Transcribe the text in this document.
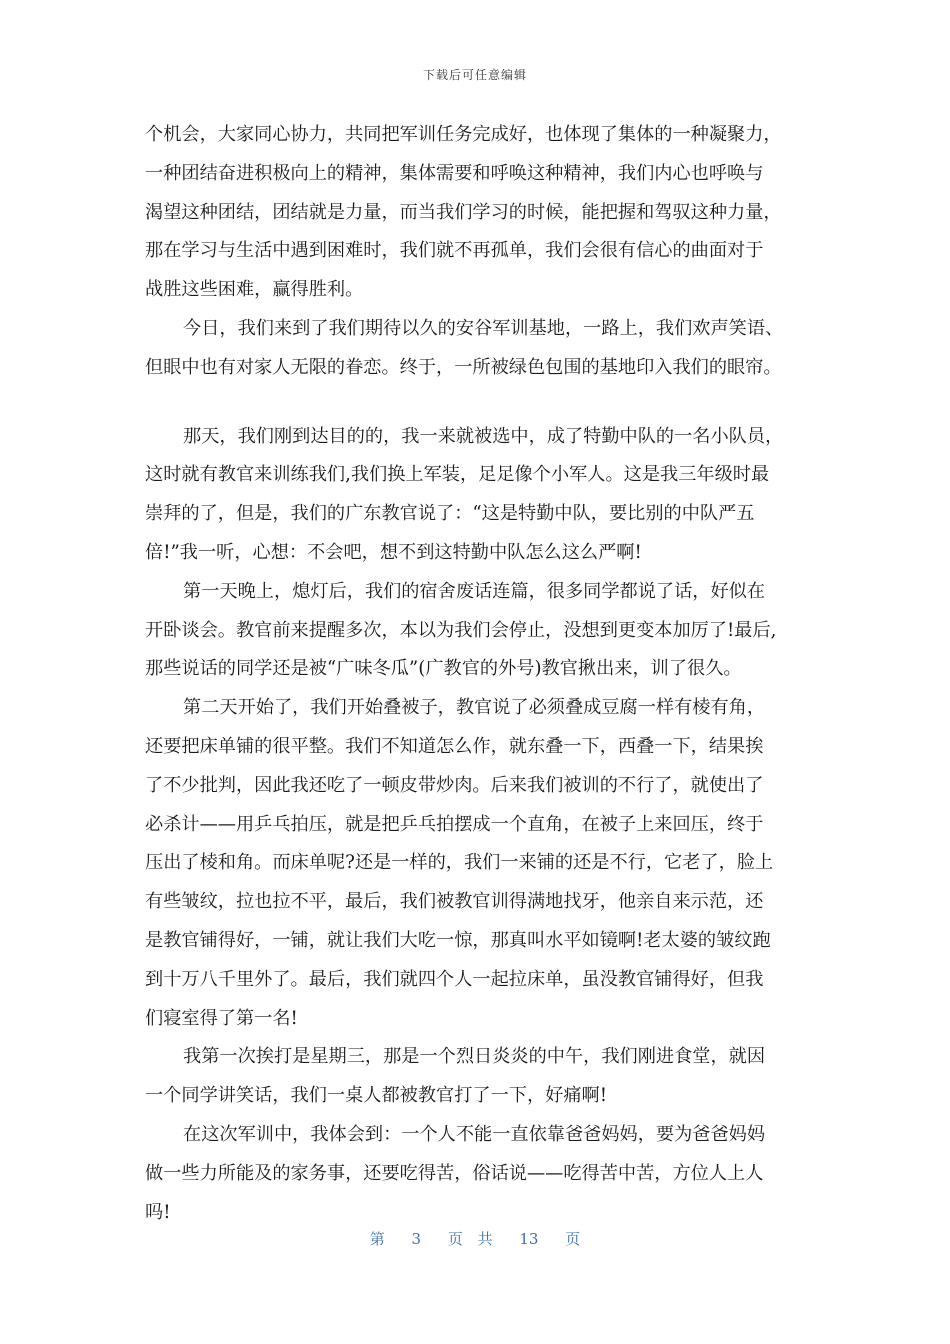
下载后可任意编辑
个机会，大家同心协力，共同把军训任务完成好，也体现了集体的一种凝聚力，
一种团结奋进积极向上的精神，集体需要和呼唤这种精神，我们内心也呼唤与
渴望这种团结，团结就是力量，而当我们学习的时候，能把握和驾驭这种力量，
那在学习与生活中遇到困难时，我们就不再孤单，我们会很有信心的曲面对于
战胜这些困难，赢得胜利。
今日，我们来到了我们期待以久的安谷军训基地，一路上，我们欢声笑语、
但眼中也有对家人无限的眷恋。终于，一所被绿色包围的基地印入我们的眼帘。
那天，我们刚到达目的的，我一来就被选中，成了特勤中队的一名小队员，
这时就有教官来训练我们,我们换上军装，足足像个小军人。这是我三年级时最
崇拜的了，但是，我们的广东教官说了：“这是特勤中队，要比别的中队严五
倍!”我一听，心想：不会吧，想不到这特勤中队怎么这么严啊!
第一天晚上，熄灯后，我们的宿舍废话连篇，很多同学都说了话，好似在
开卧谈会。教官前来提醒多次，本以为我们会停止，没想到更变本加厉了!最后,
那些说话的同学还是被“广味冬瓜”(广教官的外号)教官揪出来，训了很久。
第二天开始了，我们开始叠被子，教官说了必须叠成豆腐一样有棱有角，
还要把床单铺的很平整。我们不知道怎么作，就东叠一下，西叠一下，结果挨
了不少批判，因此我还吃了一顿皮带炒肉。后来我们被训的不行了，就使出了
必杀计——用乒乓拍压，就是把乒乓拍摆成一个直角，在被子上来回压，终于
压出了棱和角。而床单呢?还是一样的，我们一来铺的还是不行，它老了，脸上
有些皱纹，拉也拉不平，最后，我们被教官训得满地找牙，他亲自来示范，还
是教官铺得好，一铺，就让我们大吃一惊，那真叫水平如镜啊!老太婆的皱纹跑
到十万八千里外了。最后，我们就四个人一起拉床单，虽没教官铺得好，但我
们寝室得了第一名!
我第一次挨打是星期三，那是一个烈日炎炎的中午，我们刚进食堂，就因
一个同学讲笑话，我们一桌人都被教官打了一下，好痛啊!
在这次军训中，我体会到：一个人不能一直依靠爸爸妈妈，要为爸爸妈妈
做一些力所能及的家务事，还要吃得苦，俗话说——吃得苦中苦，方位人上人
吗!
第 3 页 共 13 页
